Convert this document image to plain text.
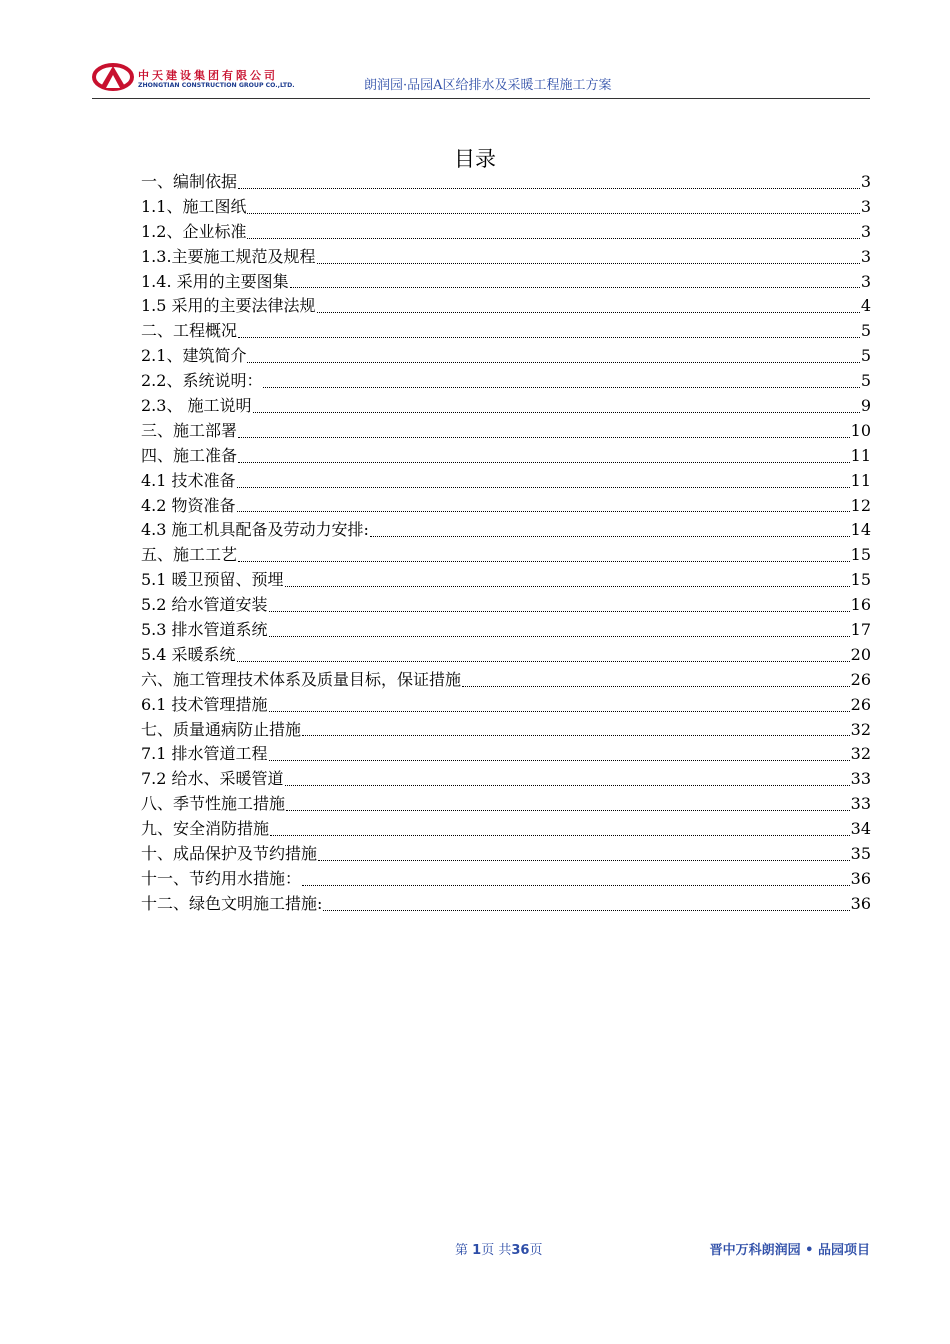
中天建设集团有限公司
ZHONGTIAN CONSTRUCTION GROUP CO.,LTD.	朗润园·品园A区给排水及采暖工程施工方案
目录
一、编制依据	3
1.1、施工图纸	3
1.2、企业标准	3
1.3.主要施工规范及规程	3
1.4. 采用的主要图集	3
1.5 采用的主要法律法规	4
二、工程概况	5
2.1、建筑简介	5
2.2、系统说明：	5
2.3、 施工说明	9
三、施工部署	10
四、施工准备	11
4.1 技术准备	11
4.2 物资准备	12
4.3 施工机具配备及劳动力安排:	14
五、施工工艺	15
5.1 暖卫预留、预埋	15
5.2 给水管道安装	16
5.3 排水管道系统	17
5.4 采暖系统	20
六、施工管理技术体系及质量目标，保证措施	26
6.1 技术管理措施	26
七、质量通病防止措施	32
7.1 排水管道工程	32
7.2 给水、采暖管道	33
八、季节性施工措施	33
九、安全消防措施	34
十、成品保护及节约措施	35
十一、节约用水措施：	36
十二、绿色文明施工措施:	36
第 1页 共36页	晋中万科朗润园 • 品园项目
